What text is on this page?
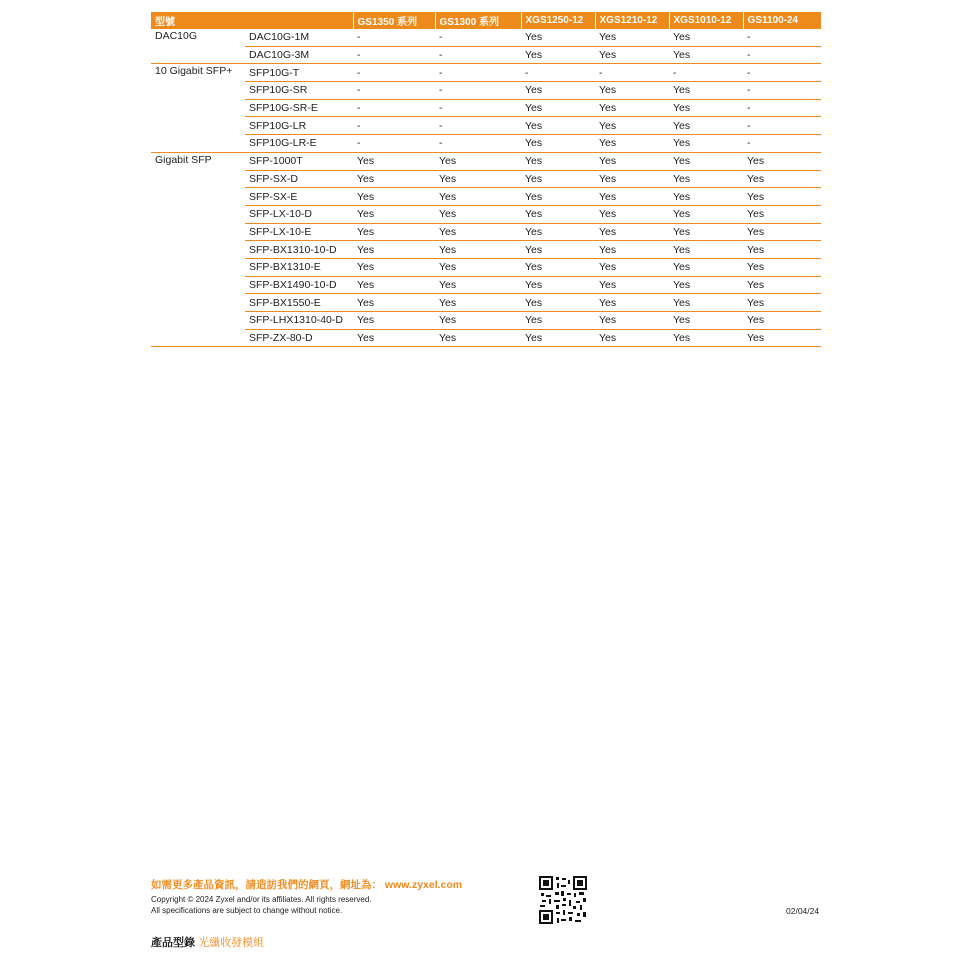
型號		GS1350 系列	GS1300 系列	XGS1250-12	XGS1210-12	XGS1010-12	GS1100-24
DAC10G	DAC10G-1M	-	-	Yes	Yes	Yes	-
	DAC10G-3M	-	-	Yes	Yes	Yes	-
10 Gigabit SFP+	SFP10G-T	-	-	-	-	-	-
	SFP10G-SR	-	-	Yes	Yes	Yes	-
	SFP10G-SR-E	-	-	Yes	Yes	Yes	-
	SFP10G-LR	-	-	Yes	Yes	Yes	-
	SFP10G-LR-E	-	-	Yes	Yes	Yes	-
Gigabit SFP	SFP-1000T	Yes	Yes	Yes	Yes	Yes	Yes
	SFP-SX-D	Yes	Yes	Yes	Yes	Yes	Yes
	SFP-SX-E	Yes	Yes	Yes	Yes	Yes	Yes
	SFP-LX-10-D	Yes	Yes	Yes	Yes	Yes	Yes
	SFP-LX-10-E	Yes	Yes	Yes	Yes	Yes	Yes
	SFP-BX1310-10-D	Yes	Yes	Yes	Yes	Yes	Yes
	SFP-BX1310-E	Yes	Yes	Yes	Yes	Yes	Yes
	SFP-BX1490-10-D	Yes	Yes	Yes	Yes	Yes	Yes
	SFP-BX1550-E	Yes	Yes	Yes	Yes	Yes	Yes
	SFP-LHX1310-40-D	Yes	Yes	Yes	Yes	Yes	Yes
	SFP-ZX-80-D	Yes	Yes	Yes	Yes	Yes	Yes
如需更多產品資訊，請造訪我們的網頁，網址為： www.zyxel.com
Copyright © 2024 Zyxel and/or its affiliates. All rights reserved.
All specifications are subject to change without notice.	02/04/24
產品型錄 光纖收發模組
